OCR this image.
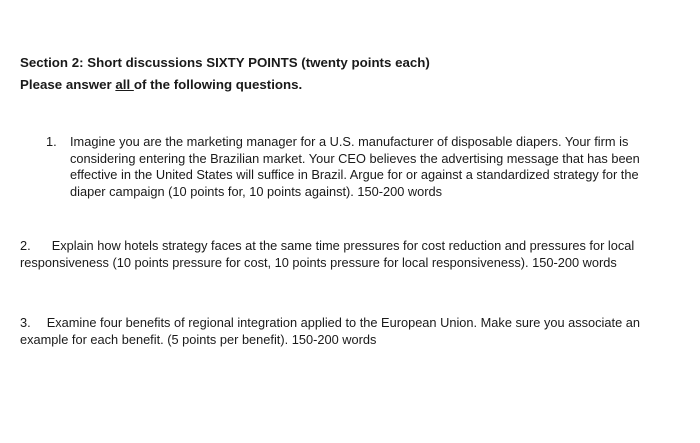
Section 2: Short discussions SIXTY POINTS (twenty points each)
Please answer all of the following questions.
1. Imagine you are the marketing manager for a U.S. manufacturer of disposable diapers. Your firm is considering entering the Brazilian market. Your CEO believes the advertising message that has been effective in the United States will suffice in Brazil. Argue for or against a standardized strategy for the diaper campaign (10 points for, 10 points against). 150-200 words
2. Explain how hotels strategy faces at the same time pressures for cost reduction and pressures for local responsiveness (10 points pressure for cost, 10 points pressure for local responsiveness). 150-200 words
3. Examine four benefits of regional integration applied to the European Union. Make sure you associate an example for each benefit. (5 points per benefit). 150-200 words
